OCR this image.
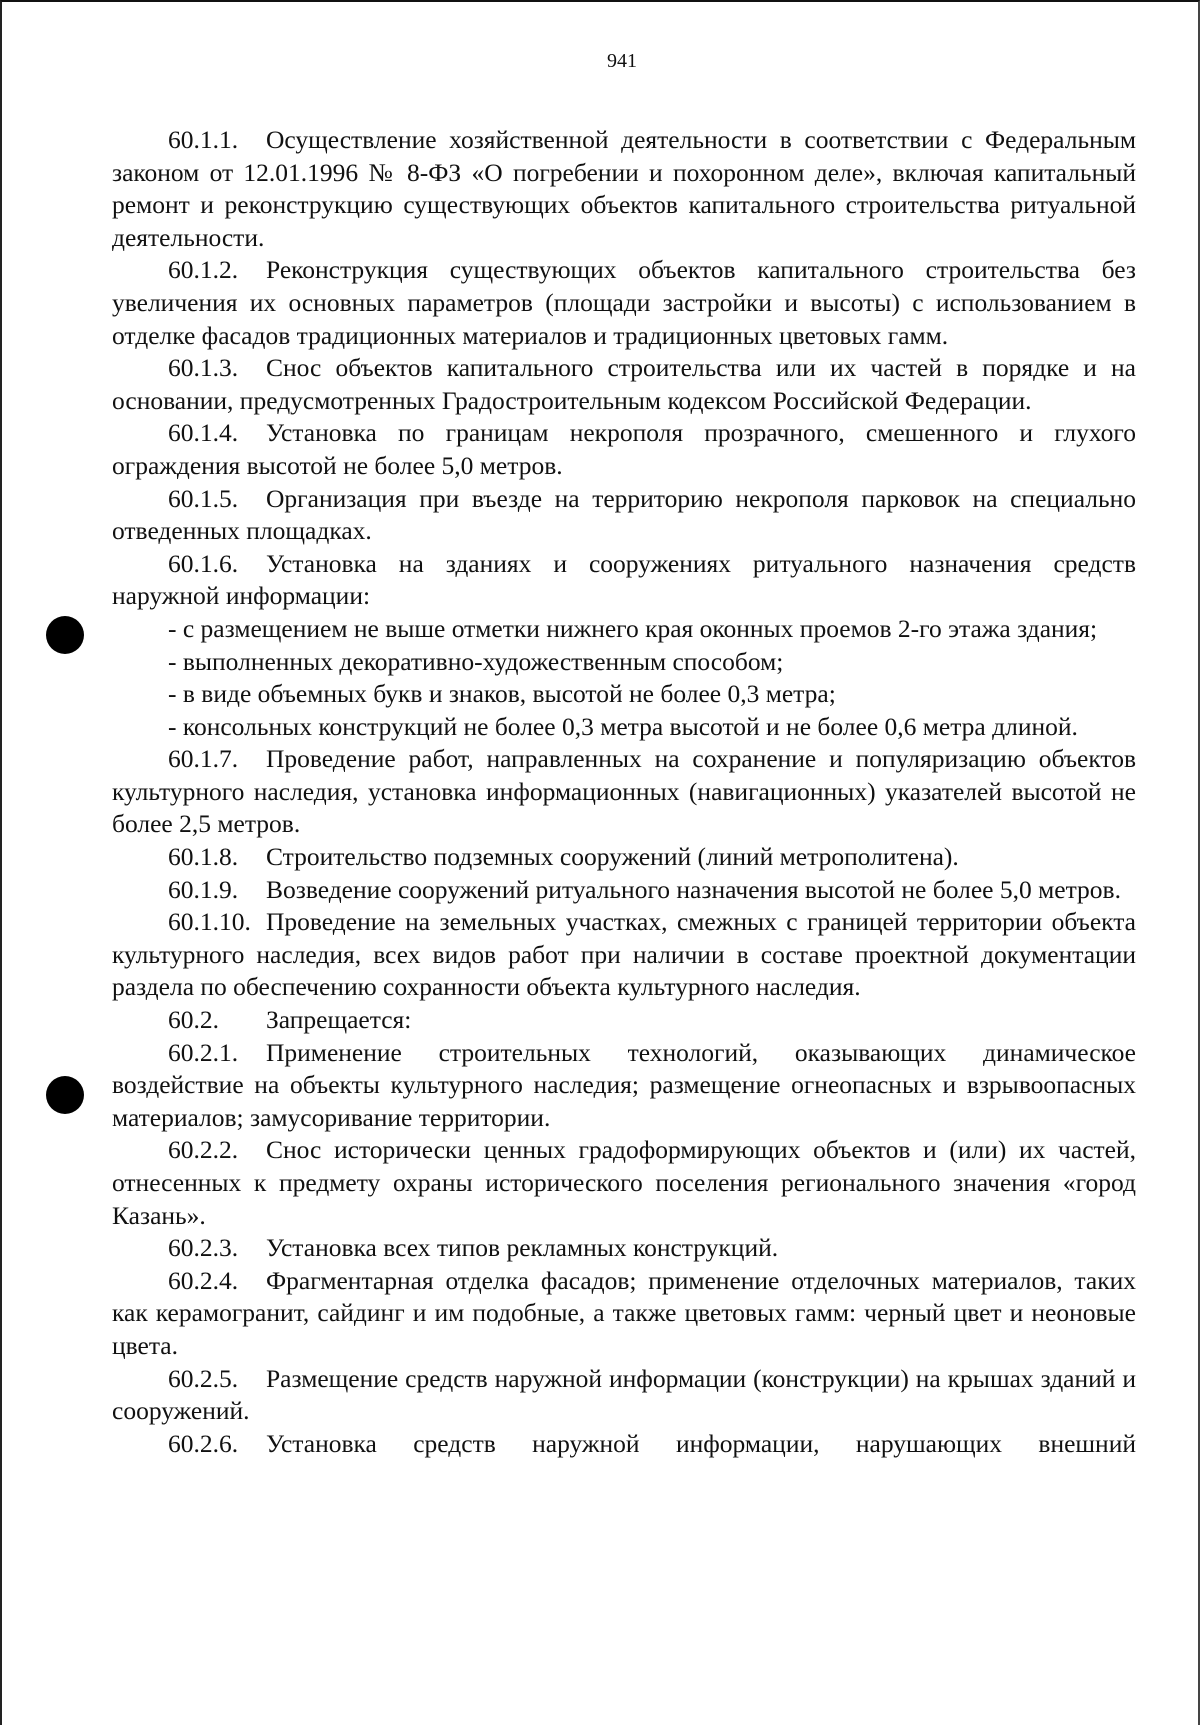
941

60.1.1. Осуществление хозяйственной деятельности в соответствии с Федеральным законом от 12.01.1996 № 8-ФЗ «О погребении и похоронном деле», включая капитальный ремонт и реконструкцию существующих объектов капитального строительства ритуальной деятельности.

60.1.2. Реконструкция существующих объектов капитального строительства без увеличения их основных параметров (площади застройки и высоты) с использованием в отделке фасадов традиционных материалов и традиционных цветовых гамм.

60.1.3. Снос объектов капитального строительства или их частей в порядке и на основании, предусмотренных Градостроительным кодексом Российской Федерации.

60.1.4. Установка по границам некрополя прозрачного, смешенного и глухого ограждения высотой не более 5,0 метров.

60.1.5. Организация при въезде на территорию некрополя парковок на специально отведенных площадках.

60.1.6. Установка на зданиях и сооружениях ритуального назначения средств наружной информации:

- с размещением не выше отметки нижнего края оконных проемов 2-го этажа здания;

- выполненных декоративно-художественным способом;

- в виде объемных букв и знаков, высотой не более 0,3 метра;

- консольных конструкций не более 0,3 метра высотой и не более 0,6 метра длиной.

60.1.7. Проведение работ, направленных на сохранение и популяризацию объектов культурного наследия, установка информационных (навигационных) указателей высотой не более 2,5 метров.

60.1.8. Строительство подземных сооружений (линий метрополитена).

60.1.9. Возведение сооружений ритуального назначения высотой не более 5,0 метров.

60.1.10. Проведение на земельных участках, смежных с границей территории объекта культурного наследия, всех видов работ при наличии в составе проектной документации раздела по обеспечению сохранности объекта культурного наследия.

60.2. Запрещается:

60.2.1. Применение строительных технологий, оказывающих динамическое воздействие на объекты культурного наследия; размещение огнеопасных и взрывоопасных материалов; замусоривание территории.

60.2.2. Снос исторически ценных градоформирующих объектов и (или) их частей, отнесенных к предмету охраны исторического поселения регионального значения «город Казань».

60.2.3. Установка всех типов рекламных конструкций.

60.2.4. Фрагментарная отделка фасадов; применение отделочных материалов, таких как керамогранит, сайдинг и им подобные, а также цветовых гамм: черный цвет и неоновые цвета.

60.2.5. Размещение средств наружной информации (конструкции) на крышах зданий и сооружений.

60.2.6. Установка средств наружной информации, нарушающих внешний
